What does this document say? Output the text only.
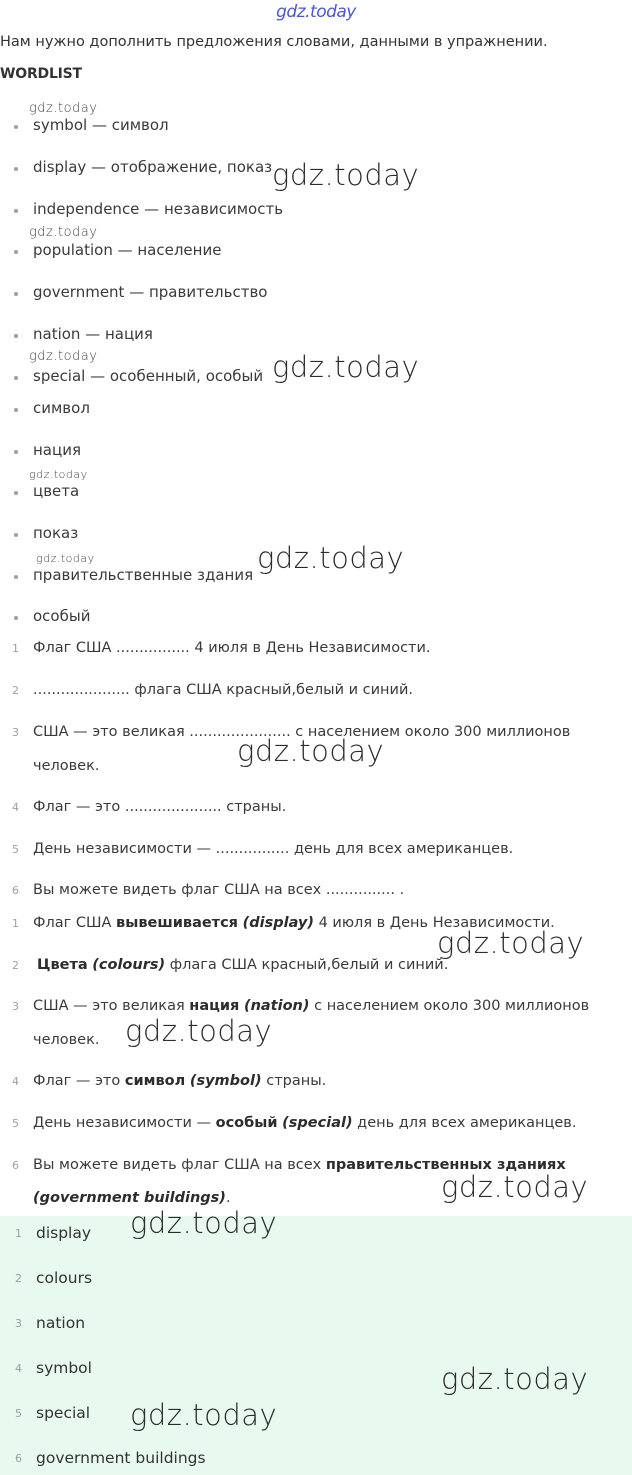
gdz.today
Нам нужно дополнить предложения словами, данными в упражнении.
WORDLIST
symbol — символ
display — отображение, показ
independence — независимость
population — население
government — правительство
nation — нация
special — особенный, особый
символ
нация
цвета
показ
правительственные здания
особый
1 Флаг США ................ 4 июля в День Независимости.
2 ..................... флага США красный,белый и синий.
3 США — это великая ...................... с населением около 300 миллионов
человек.
4 Флаг — это ..................... страны.
5 День независимости — ................ день для всех американцев.
6 Вы можете видеть флаг США на всех ............... .
1 Флаг США вывешивается (display) 4 июля в День Независимости.
2	Цвета (colours) флага США красный,белый и синий.
3 США — это великая нация (nation) с населением около 300 миллионов
человек.
4 Флаг — это символ (symbol) страны.
5 День независимости — особый (special) день для всех американцев.
6 Вы можете видеть флаг США на всех правительственных зданиях
(government buildings).
1 display
2 colours
3 nation
4 symbol
5 special
6 government buildings
gdz.today
gdz.today
gdz.today
gdz.today	gdz.today
gdz.today
gdz.today	gdz.today
gdz.today
gdz.today
gdz.today
gdz.today
gdz.today
gdz.today
gdz.today
